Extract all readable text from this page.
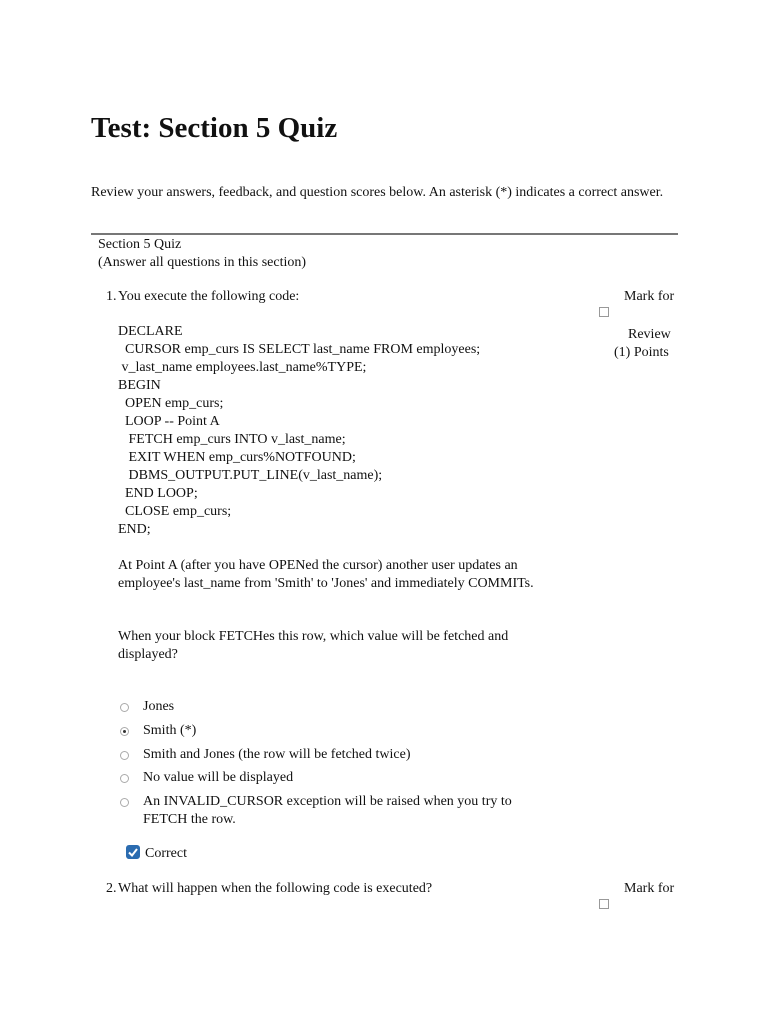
Test: Section 5 Quiz
Review your answers, feedback, and question scores below. An asterisk (*) indicates a correct answer.
Section 5 Quiz
(Answer all questions in this section)
1. You execute the following code:	Mark for
Review
(1) Points
DECLARE
CURSOR emp_curs IS SELECT last_name FROM employees;
v_last_name employees.last_name%TYPE;
BEGIN
OPEN emp_curs;
LOOP -- Point A
FETCH emp_curs INTO v_last_name;
EXIT WHEN emp_curs%NOTFOUND;
DBMS_OUTPUT.PUT_LINE(v_last_name);
END LOOP;
CLOSE emp_curs;
END;
At Point A (after you have OPENed the cursor) another user updates an employee's last_name from 'Smith' to 'Jones' and immediately COMMITs.
When your block FETCHes this row, which value will be fetched and displayed?
Jones
Smith (*)
Smith and Jones (the row will be fetched twice)
No value will be displayed
An INVALID_CURSOR exception will be raised when you try to FETCH the row.
Correct
2. What will happen when the following code is executed?	Mark for
